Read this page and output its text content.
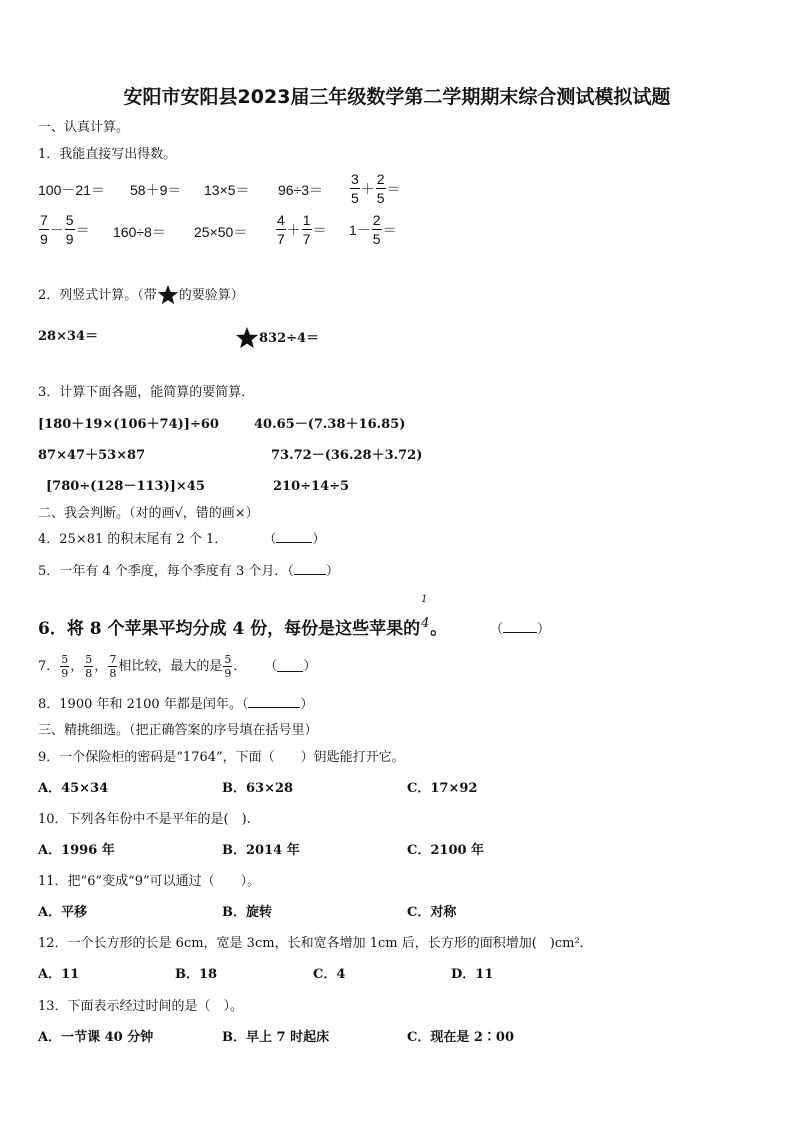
安阳市安阳县2023届三年级数学第二学期期末综合测试模拟试题
一、认真计算。
1．我能直接写出得数。
$100-21= 58+9= 13\times 5= 96\div 3= \frac{3}{5} + \frac{2}{5}$ ＝
$\frac{7}{9} - \frac{5}{9} = 160\div 8= 25\times 50= \frac{4}{7} + \frac{1}{7} = 1- \frac{2}{5}$ ＝
2．列竖式计算。（带 的要验算）
28×34＝	832÷4＝
3．计算下面各题，能简算的要简算．
[180＋19×(106＋74)]÷60	40.65－(7.38＋16.85)
87×47＋53×87	73.72－(36.28＋3.72)
[780÷(128－113)]×45	210÷14÷5
二、我会判断。（对的画√，错的画×）
4．25×81 的积末尾有 2 个 1．	（	）
5．一年有 4 个季度，每个季度有 3 个月．（ ）
6．将 8 个苹果平均分成 4 份，每份是这些苹果的
1
4 。	（	）
7． $\frac{5}{9}$ ， $\frac{5}{8}$ ， $\frac{7}{8}$ 相比较，最大的是 $\frac{5}{9}$ ． （ ）
8．1900 年和 2100 年都是闰年。（	）
三、精挑细选。（把正确答案的序号填在括号里）
9．一个保险柜的密码是“1764”，下面（　　）钥匙能打开它。
A．45×34	B．63×28	C．17×92
10．下列各年份中不是平年的是(　).
A．1996 年	B．2014 年	C．2100 年
11．把“6”变成“9”可以通过（　　）。
A．平移	B．旋转	C．对称
12．一个长方形的长是 6cm，宽是 3cm，长和宽各增加 1cm 后，长方形的面积增加(　)cm²．
A．11	B．18	C．4	D．11
13．下面表示经过时间的是（　）。
A．一节课 40 分钟	B．早上 7 时起床	C．现在是 2∶00
